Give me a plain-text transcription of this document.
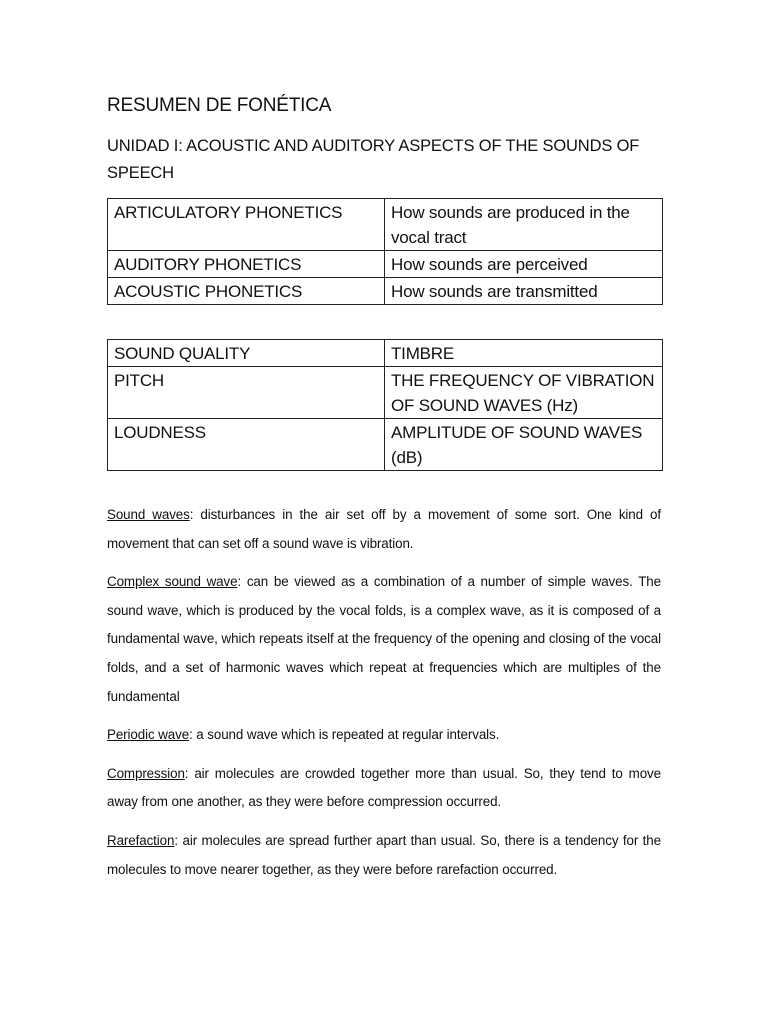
RESUMEN DE FONÉTICA
UNIDAD I: ACOUSTIC AND AUDITORY ASPECTS OF THE SOUNDS OF SPEECH
ARTICULATORY PHONETICS	How sounds are produced in the vocal tract
AUDITORY PHONETICS	How sounds are perceived
ACOUSTIC PHONETICS	How sounds are transmitted
SOUND QUALITY	TIMBRE
PITCH	THE FREQUENCY OF VIBRATION OF SOUND WAVES (Hz)
LOUDNESS	AMPLITUDE OF SOUND WAVES (dB)

Sound waves: disturbances in the air set off by a movement of some sort. One kind of movement that can set off a sound wave is vibration.

Complex sound wave: can be viewed as a combination of a number of simple waves. The sound wave, which is produced by the vocal folds, is a complex wave, as it is composed of a fundamental wave, which repeats itself at the frequency of the opening and closing of the vocal folds, and a set of harmonic waves which repeat at frequencies which are multiples of the fundamental

Periodic wave: a sound wave which is repeated at regular intervals.

Compression: air molecules are crowded together more than usual. So, they tend to move away from one another, as they were before compression occurred.

Rarefaction: air molecules are spread further apart than usual. So, there is a tendency for the molecules to move nearer together, as they were before rarefaction occurred.
